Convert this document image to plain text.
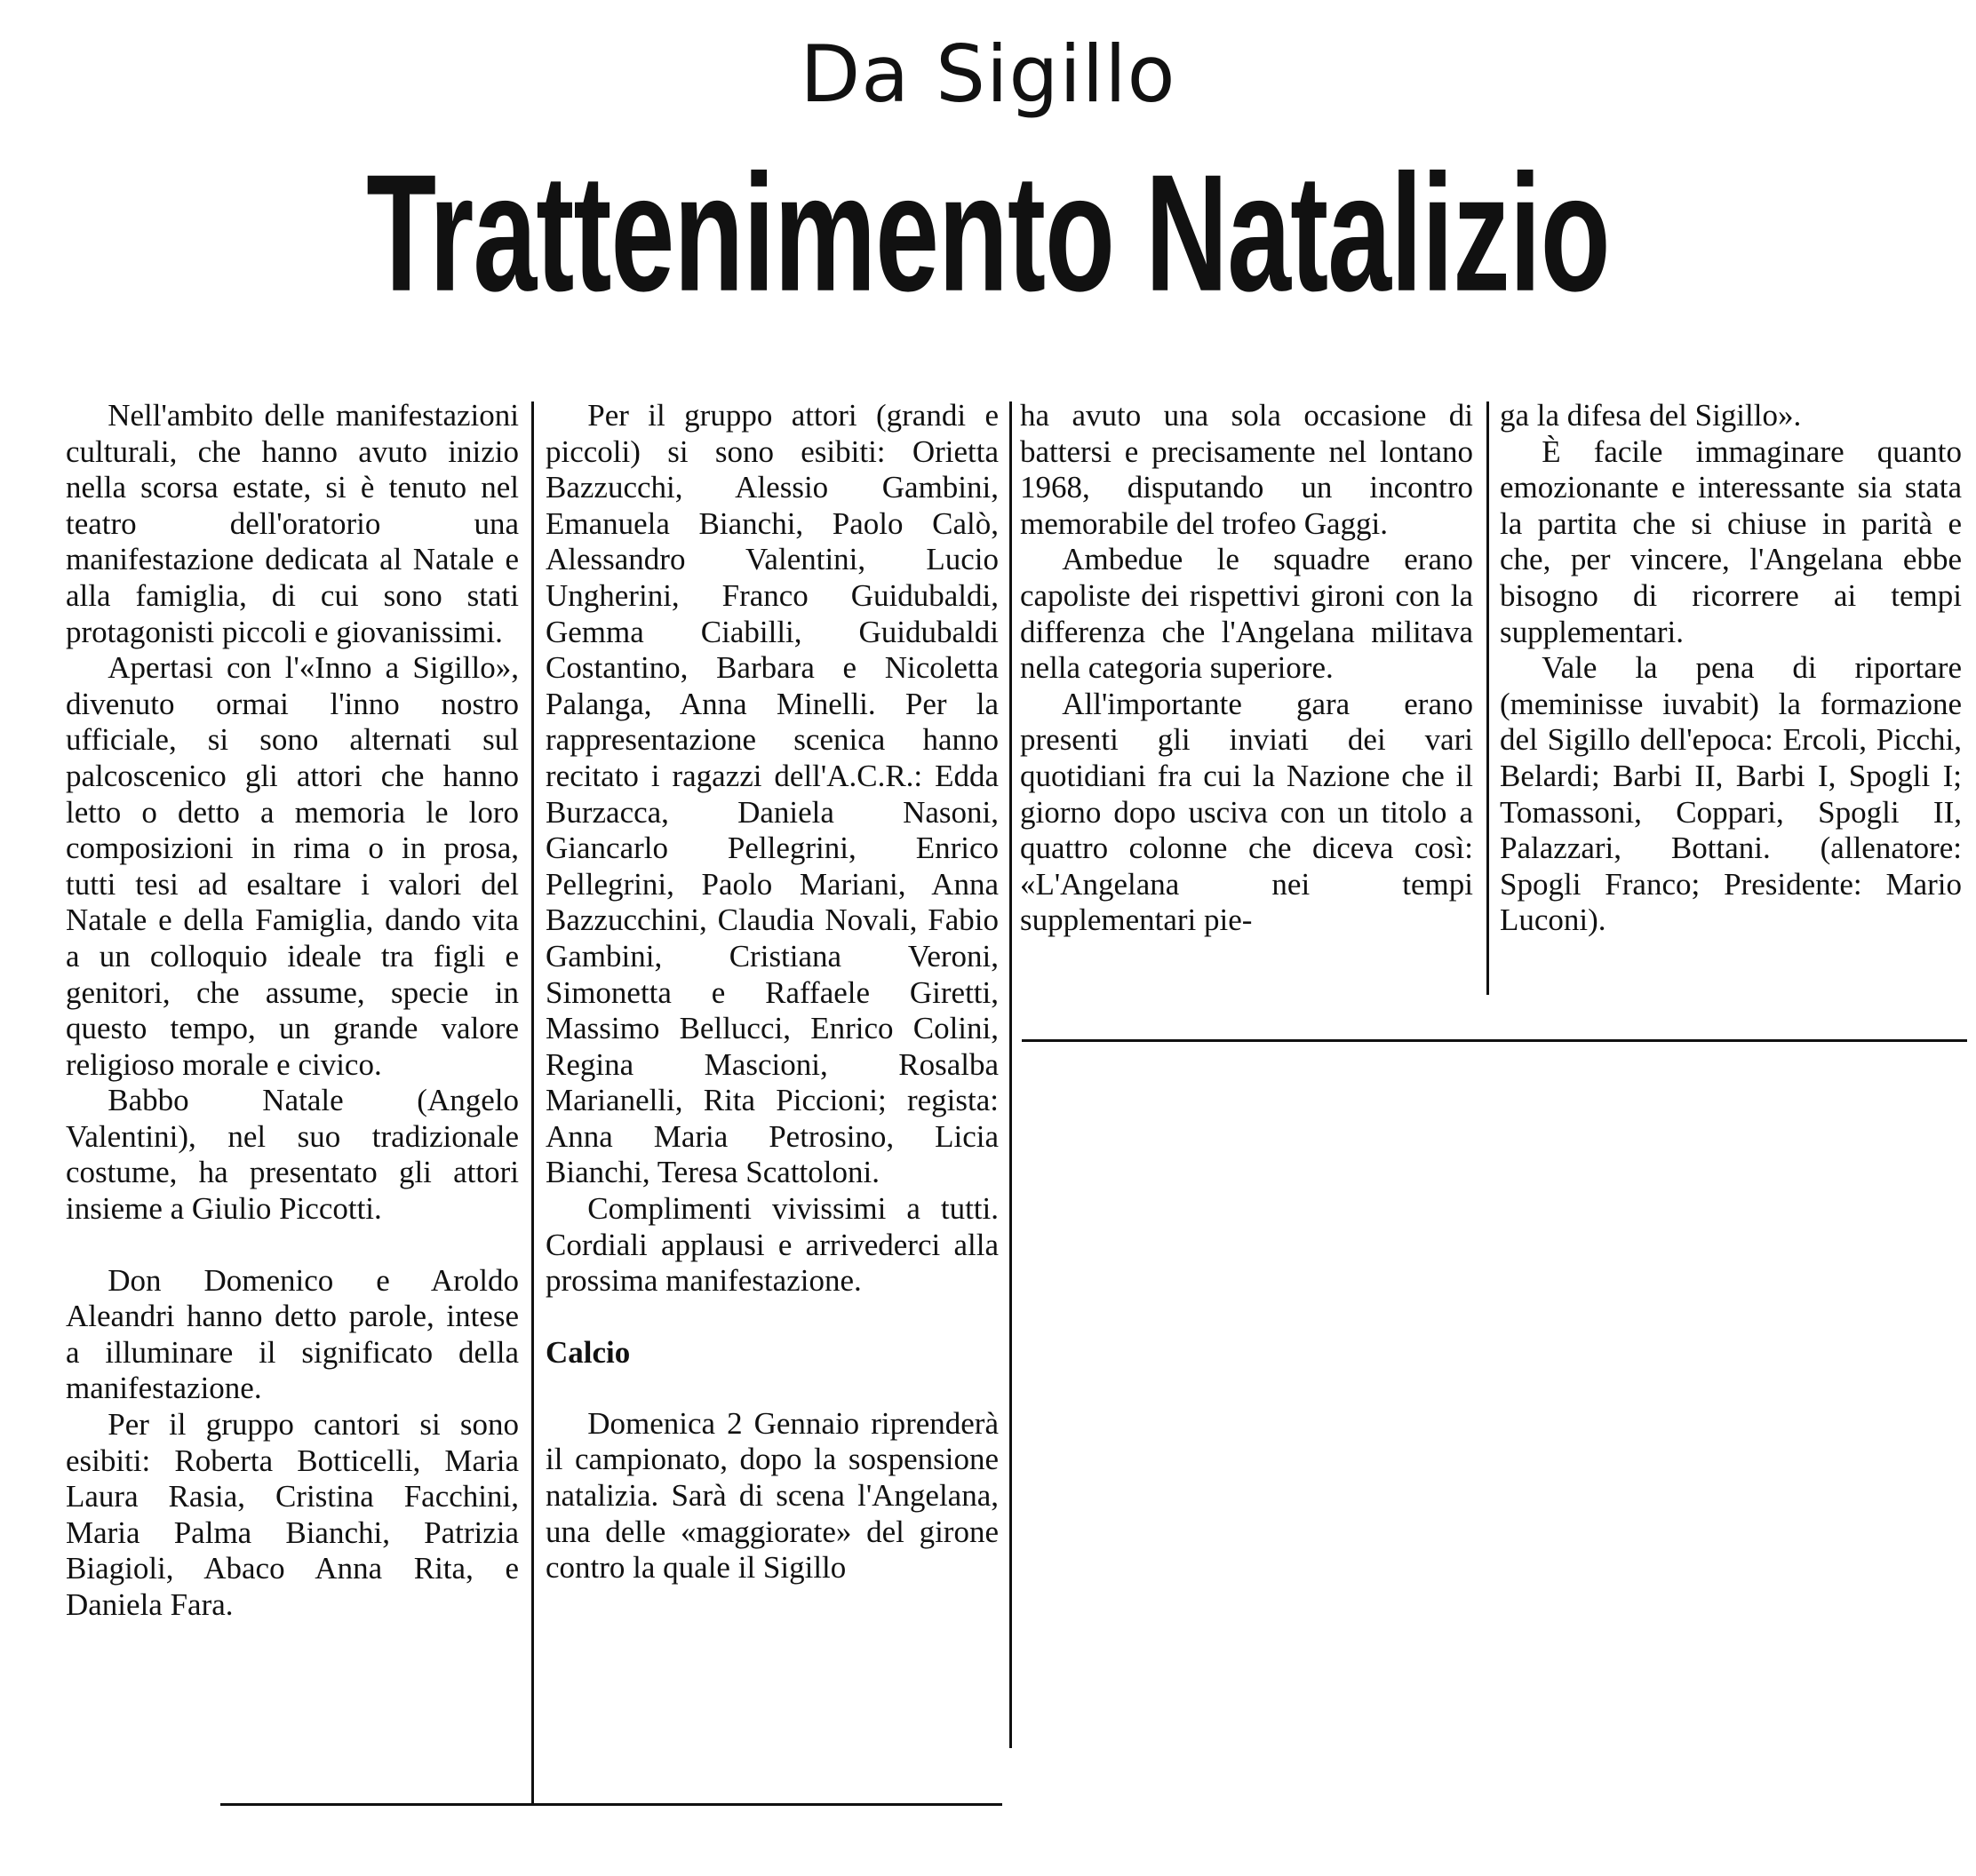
Da Sigillo
Trattenimento Natalizio

Nell'ambito delle manifestazioni culturali, che hanno avuto inizio nella scorsa estate, si è tenuto nel teatro dell'oratorio una manifestazione dedicata al Natale e alla famiglia, di cui sono stati protagonisti piccoli e giovanissimi.

Apertasi con l'«Inno a Sigillo», divenuto ormai l'inno nostro ufficiale, si sono alternati sul palcoscenico gli attori che hanno letto o detto a memoria le loro composizioni in rima o in prosa, tutti tesi ad esaltare i valori del Natale e della Famiglia, dando vita a un colloquio ideale tra figli e genitori, che assume, specie in questo tempo, un grande valore religioso morale e civico.

Babbo Natale (Angelo Valentini), nel suo tradizionale costume, ha presentato gli attori insieme a Giulio Piccotti.

Don Domenico e Aroldo Aleandri hanno detto parole, intese a illuminare il significato della manifestazione.

Per il gruppo cantori si sono esibiti: Roberta Botticelli, Maria Laura Rasia, Cristina Facchini, Maria Palma Bianchi, Patrizia Biagioli, Abaco Anna Rita, e Daniela Fara.

Per il gruppo attori (grandi e piccoli) si sono esibiti: Orietta Bazzucchi, Alessio Gambini, Emanuela Bianchi, Paolo Calò, Alessandro Valentini, Lucio Ungherini, Franco Guidubaldi, Gemma Ciabilli, Guidubaldi Costantino, Barbara e Nicoletta Palanga, Anna Minelli. Per la rappresentazione scenica hanno recitato i ragazzi dell'A.C.R.: Edda Burzacca, Daniela Nasoni, Giancarlo Pellegrini, Enrico Pellegrini, Paolo Mariani, Anna Bazzucchini, Claudia Novali, Fabio Gambini, Cristiana Veroni, Simonetta e Raffaele Giretti, Massimo Bellucci, Enrico Colini, Regina Mascioni, Rosalba Marianelli, Rita Piccioni; regista: Anna Maria Petrosino, Licia Bianchi, Teresa Scattoloni.

Complimenti vivissimi a tutti. Cordiali applausi e arrivederci alla prossima manifestazione.

Calcio

Domenica 2 Gennaio riprenderà il campionato, dopo la sospensione natalizia. Sarà di scena l'Angelana, una delle «maggiorate» del girone contro la quale il Sigillo

ha avuto una sola occasione di battersi e precisamente nel lontano 1968, disputando un incontro memorabile del trofeo Gaggi.

Ambedue le squadre erano capoliste dei rispettivi gironi con la differenza che l'Angelana militava nella categoria superiore.

All'importante gara erano presenti gli inviati dei vari quotidiani fra cui la Nazione che il giorno dopo usciva con un titolo a quattro colonne che diceva così: «L'Angelana nei tempi supplementari pie-

ga la difesa del Sigillo».

È facile immaginare quanto emozionante e interessante sia stata la partita che si chiuse in parità e che, per vincere, l'Angelana ebbe bisogno di ricorrere ai tempi supplementari.

Vale la pena di riportare (meminisse iuvabit) la formazione del Sigillo dell'epoca: Ercoli, Picchi, Belardi; Barbi II, Barbi I, Spogli I; Tomassoni, Coppari, Spogli II, Palazzari, Bottani. (allenatore: Spogli Franco; Presidente: Mario Luconi).
